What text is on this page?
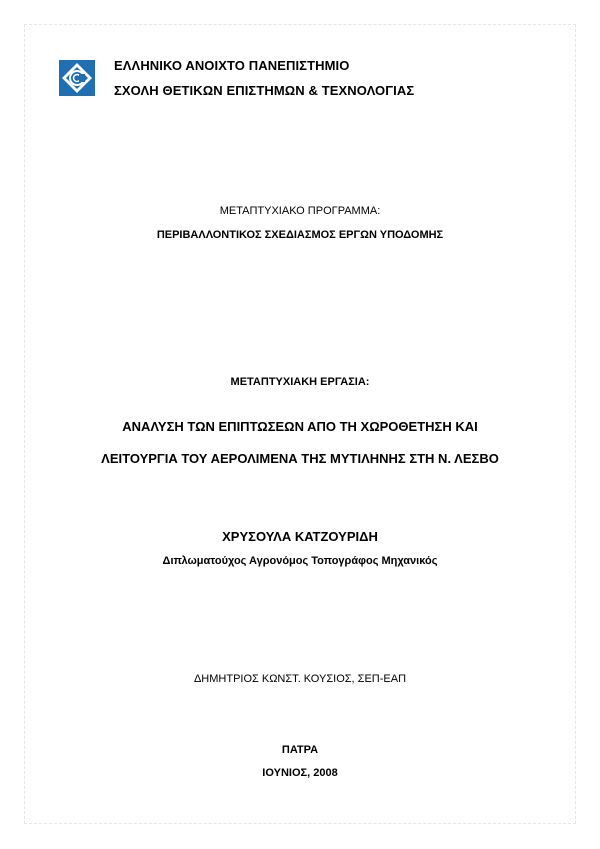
ΕΛΛΗΝΙΚΟ ΑΝΟΙΧΤΟ ΠΑΝΕΠΙΣΤΗΜΙΟ
ΣΧΟΛΗ ΘΕΤΙΚΩΝ ΕΠΙΣΤΗΜΩΝ & ΤΕΧΝΟΛΟΓΙΑΣ
ΜΕΤΑΠΤΥΧΙΑΚΟ ΠΡΟΓΡΑΜΜΑ:
ΠΕΡΙΒΑΛΛΟΝΤΙΚΟΣ ΣΧΕΔΙΑΣΜΟΣ ΕΡΓΩΝ ΥΠΟΔΟΜΗΣ
ΜΕΤΑΠΤΥΧΙΑΚΗ ΕΡΓΑΣΙΑ:
ΑΝΑΛΥΣΗ ΤΩΝ ΕΠΙΠΤΩΣΕΩΝ ΑΠΟ ΤΗ ΧΩΡΟΘΕΤΗΣΗ ΚΑΙ
ΛΕΙΤΟΥΡΓΙΑ ΤΟΥ ΑΕΡΟΛΙΜΕΝΑ ΤΗΣ ΜΥΤΙΛΗΝΗΣ ΣΤΗ Ν. ΛΕΣΒΟ
ΧΡΥΣΟΥΛΑ ΚΑΤΖΟΥΡΙΔΗ
Διπλωματούχος Αγρονόμος Τοπογράφος Μηχανικός
ΔΗΜΗΤΡΙΟΣ ΚΩΝΣΤ. ΚΟΥΣΙΟΣ, ΣΕΠ-ΕΑΠ
ΠΑΤΡΑ
ΙΟΥΝΙΟΣ, 2008
